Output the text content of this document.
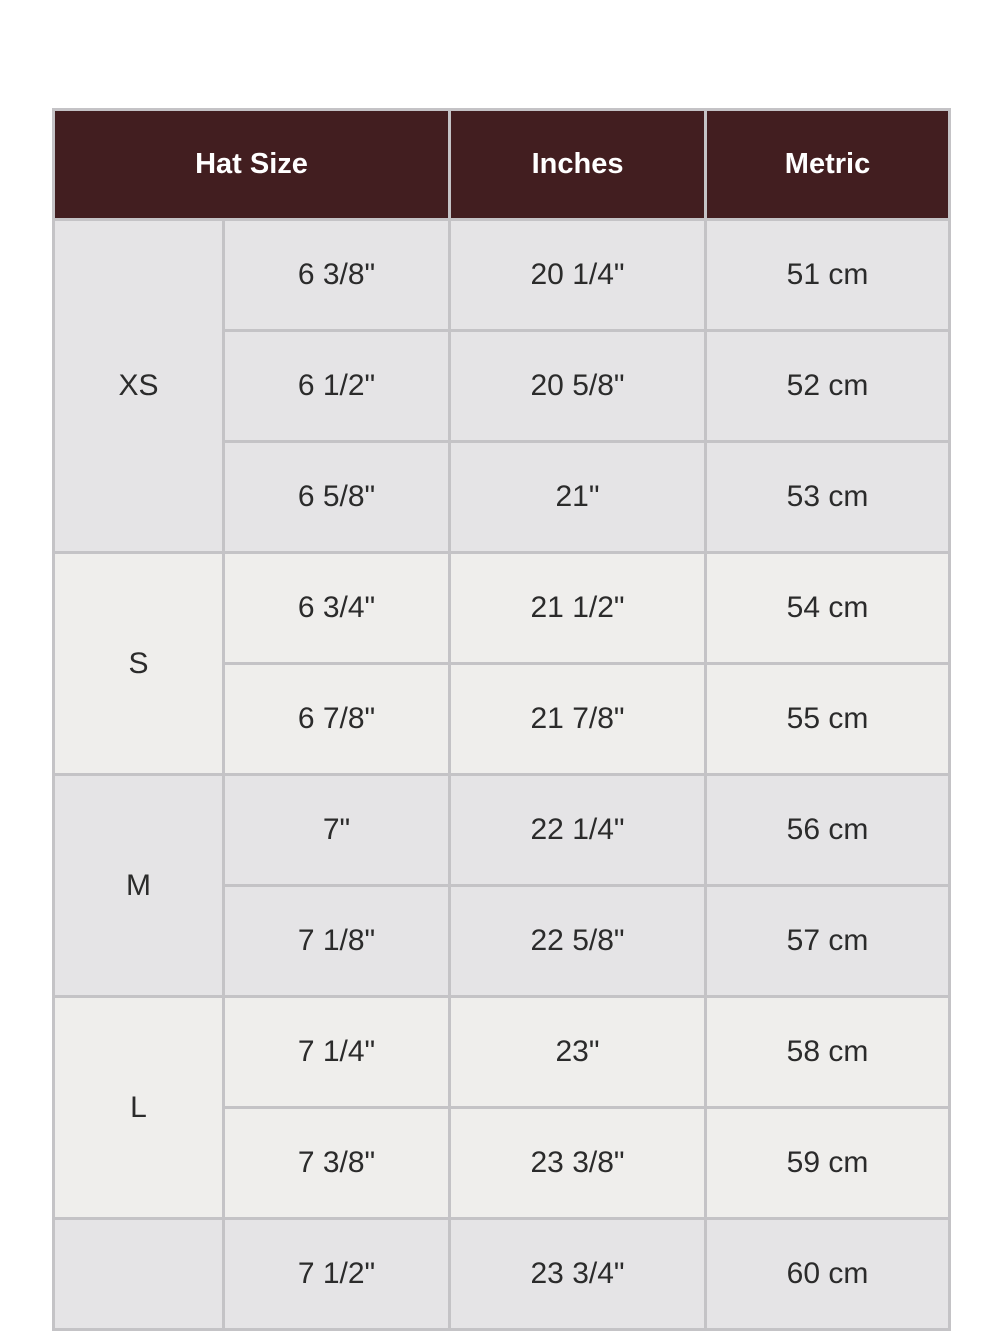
Hat Size		Inches	Metric
XS	6 3/8"	20 1/4"	51 cm
	6 1/2"	20 5/8"	52 cm
	6 5/8"	21"	53 cm
S	6 3/4"	21 1/2"	54 cm
	6 7/8"	21 7/8"	55 cm
M	7"	22 1/4"	56 cm
	7 1/8"	22 5/8"	57 cm
L	7 1/4"	23"	58 cm
	7 3/8"	23 3/8"	59 cm
	7 1/2"	23 3/4"	60 cm
